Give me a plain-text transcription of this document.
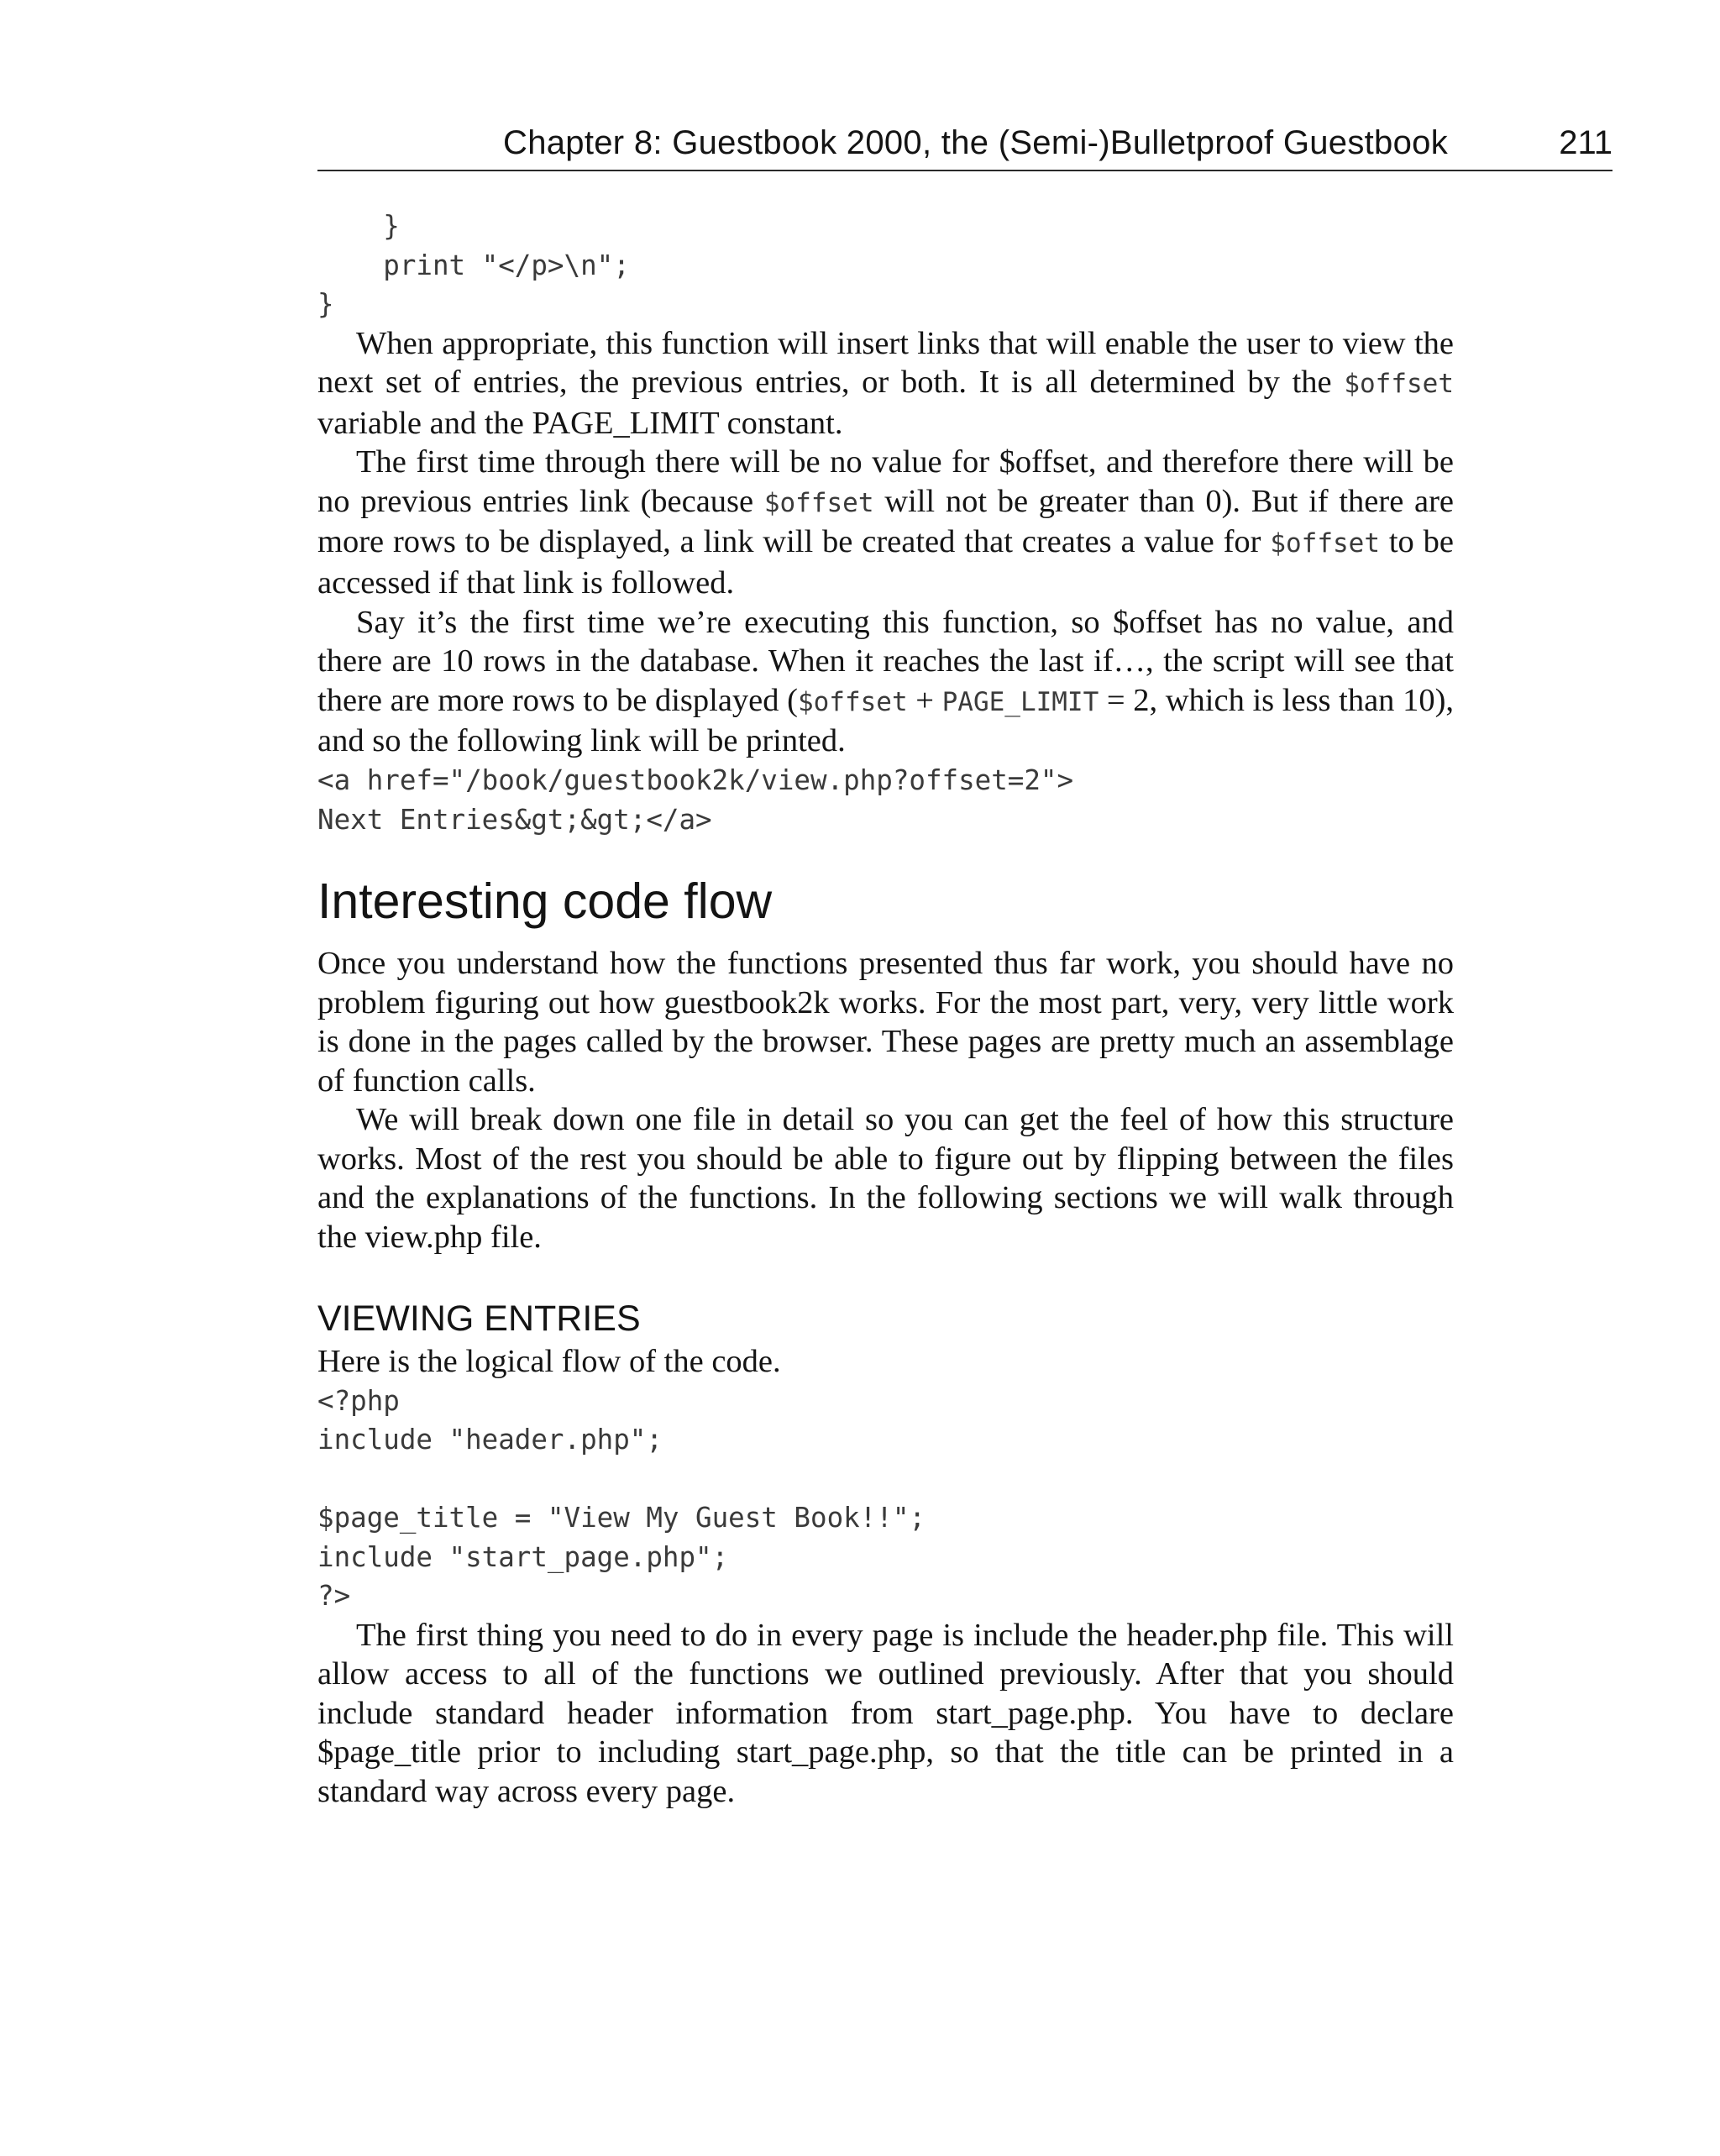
Chapter 8: Guestbook 2000, the (Semi-)Bulletproof Guestbook	211
}
print "</p>\n";
}

When appropriate, this function will insert links that will enable the user to view the next set of entries, the previous entries, or both. It is all determined by the $offset variable and the PAGE_LIMIT constant.

The first time through there will be no value for $offset, and therefore there will be no previous entries link (because $offset will not be greater than 0). But if there are more rows to be displayed, a link will be created that creates a value for $offset to be accessed if that link is followed.

Say it’s the first time we’re executing this function, so $offset has no value, and there are 10 rows in the database. When it reaches the last if…, the script will see that there are more rows to be displayed ($offset + PAGE_LIMIT = 2, which is less than 10), and so the following link will be printed.

<a href="/book/guestbook2k/view.php?offset=2">
Next Entries&gt;&gt;</a>
Interesting code flow

Once you understand how the functions presented thus far work, you should have no problem figuring out how guestbook2k works. For the most part, very, very little work is done in the pages called by the browser. These pages are pretty much an assemblage of function calls.

We will break down one file in detail so you can get the feel of how this structure works. Most of the rest you should be able to figure out by flipping between the files and the explanations of the functions. In the following sections we will walk through the view.php file.

VIEWING ENTRIES

Here is the logical flow of the code.

<?php
include "header.php";

$page_title = "View My Guest Book!!";
include "start_page.php";
?>

The first thing you need to do in every page is include the header.php file. This will allow access to all of the functions we outlined previously. After that you should include standard header information from start_page.php. You have to declare $page_title prior to including start_page.php, so that the title can be printed in a standard way across every page.
